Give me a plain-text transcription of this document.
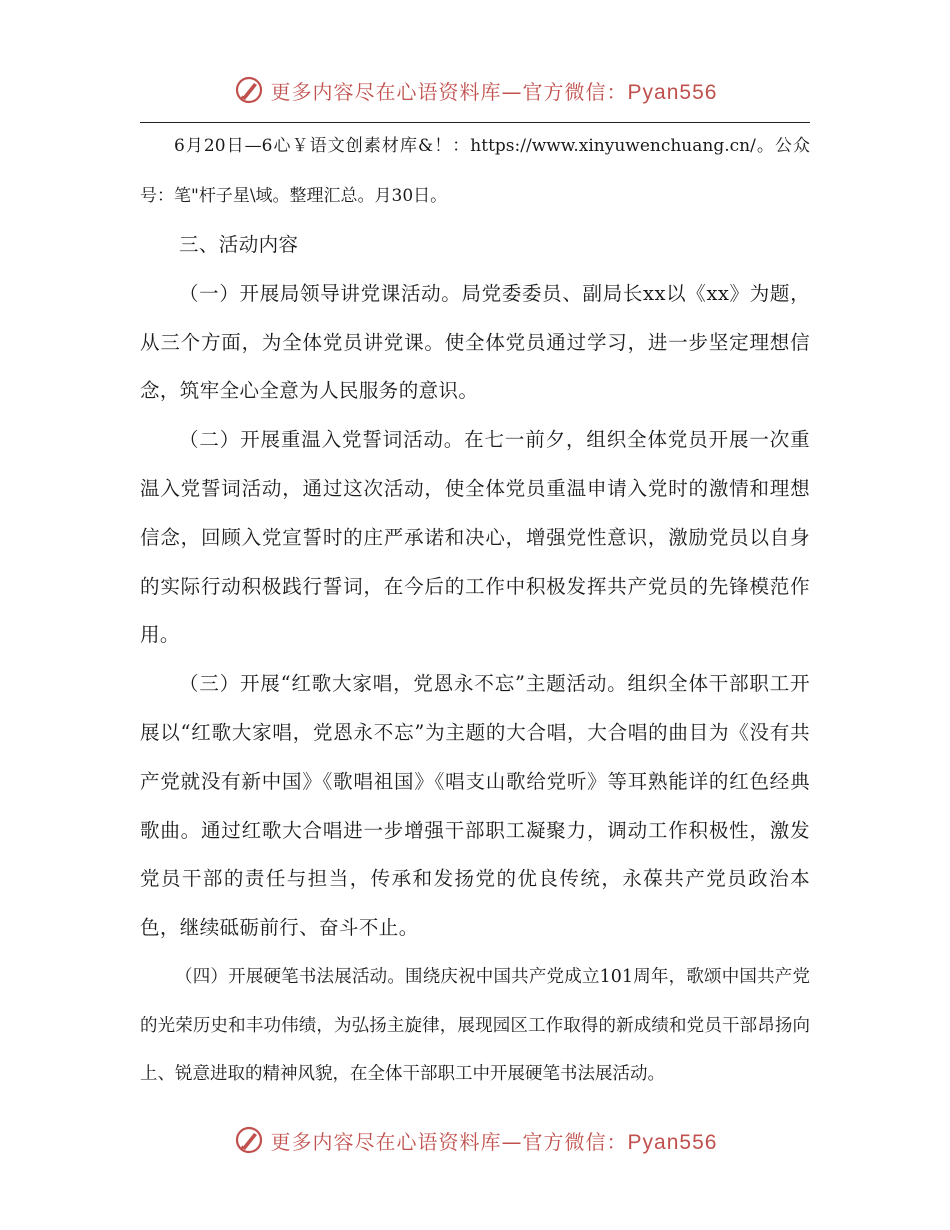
更多内容尽在心语资料库—官方微信：Pyan556

6月20日—6心￥语文创素材库&！：https://www.xinyuwenchuang.cn/。公众号：笔"杆子星\域。整理汇总。月30日。

三、活动内容

（一）开展局领导讲党课活动。局党委委员、副局长xx以《xx》为题，从三个方面，为全体党员讲党课。使全体党员通过学习，进一步坚定理想信念，筑牢全心全意为人民服务的意识。

（二）开展重温入党誓词活动。在七一前夕，组织全体党员开展一次重温入党誓词活动，通过这次活动，使全体党员重温申请入党时的激情和理想信念，回顾入党宣誓时的庄严承诺和决心，增强党性意识，激励党员以自身的实际行动积极践行誓词，在今后的工作中积极发挥共产党员的先锋模范作用。

（三）开展“红歌大家唱，党恩永不忘”主题活动。组织全体干部职工开展以“红歌大家唱，党恩永不忘”为主题的大合唱，大合唱的曲目为《没有共产党就没有新中国》《歌唱祖国》《唱支山歌给党听》等耳熟能详的红色经典歌曲。通过红歌大合唱进一步增强干部职工凝聚力，调动工作积极性，激发党员干部的责任与担当，传承和发扬党的优良传统，永葆共产党员政治本色，继续砥砺前行、奋斗不止。

（四）开展硬笔书法展活动。围绕庆祝中国共产党成立101周年，歌颂中国共产党的光荣历史和丰功伟绩，为弘扬主旋律，展现园区工作取得的新成绩和党员干部昂扬向上、锐意进取的精神风貌，在全体干部职工中开展硬笔书法展活动。

更多内容尽在心语资料库—官方微信：Pyan556
